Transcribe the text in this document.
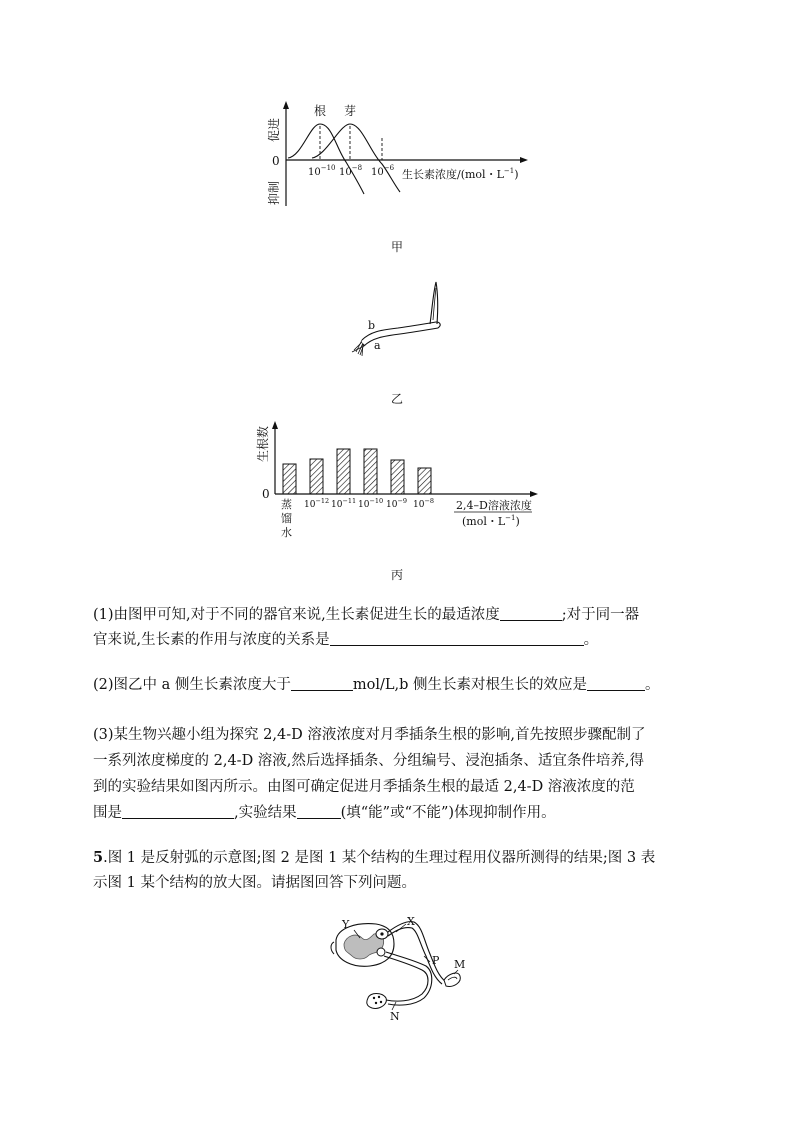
促进
抑制
0
根 芽
$10^{-10}$ $10^{-8}$ $10^{-6}$ 生长素浓度/(mol・$L^{-1}$)
甲
b
a
乙
生根数
0
蒸
馏
水
$10^{-12}$ $10^{-11}$ $10^{-10}$ $10^{-9}$ $10^{-8}$ 2,4–D溶液浓度
(mol・$L^{-1}$)
丙
(1)由图甲可知,对于不同的器官来说,生长素促进生长的最适浓度	;对于同一器
官来说,生长素的作用与浓度的关系是	。
(2)图乙中 a 侧生长素浓度大于	mol/L,b 侧生长素对根生长的效应是	。
(3)某生物兴趣小组为探究 2,4-D 溶液浓度对月季插条生根的影响,首先按照步骤配制了
一系列浓度梯度的 2,4-D 溶液,然后选择插条、分组编号、浸泡插条、适宜条件培养,得
到的实验结果如图丙所示。由图可确定促进月季插条生根的最适 2,4-D 溶液浓度的范
围是	,实验结果	(填“能”或“不能”)体现抑制作用。
5.图 1 是反射弧的示意图;图 2 是图 1 某个结构的生理过程用仪器所测得的结果;图 3 表
示图 1 某个结构的放大图。请据图回答下列问题。
Y	X
P M
N
